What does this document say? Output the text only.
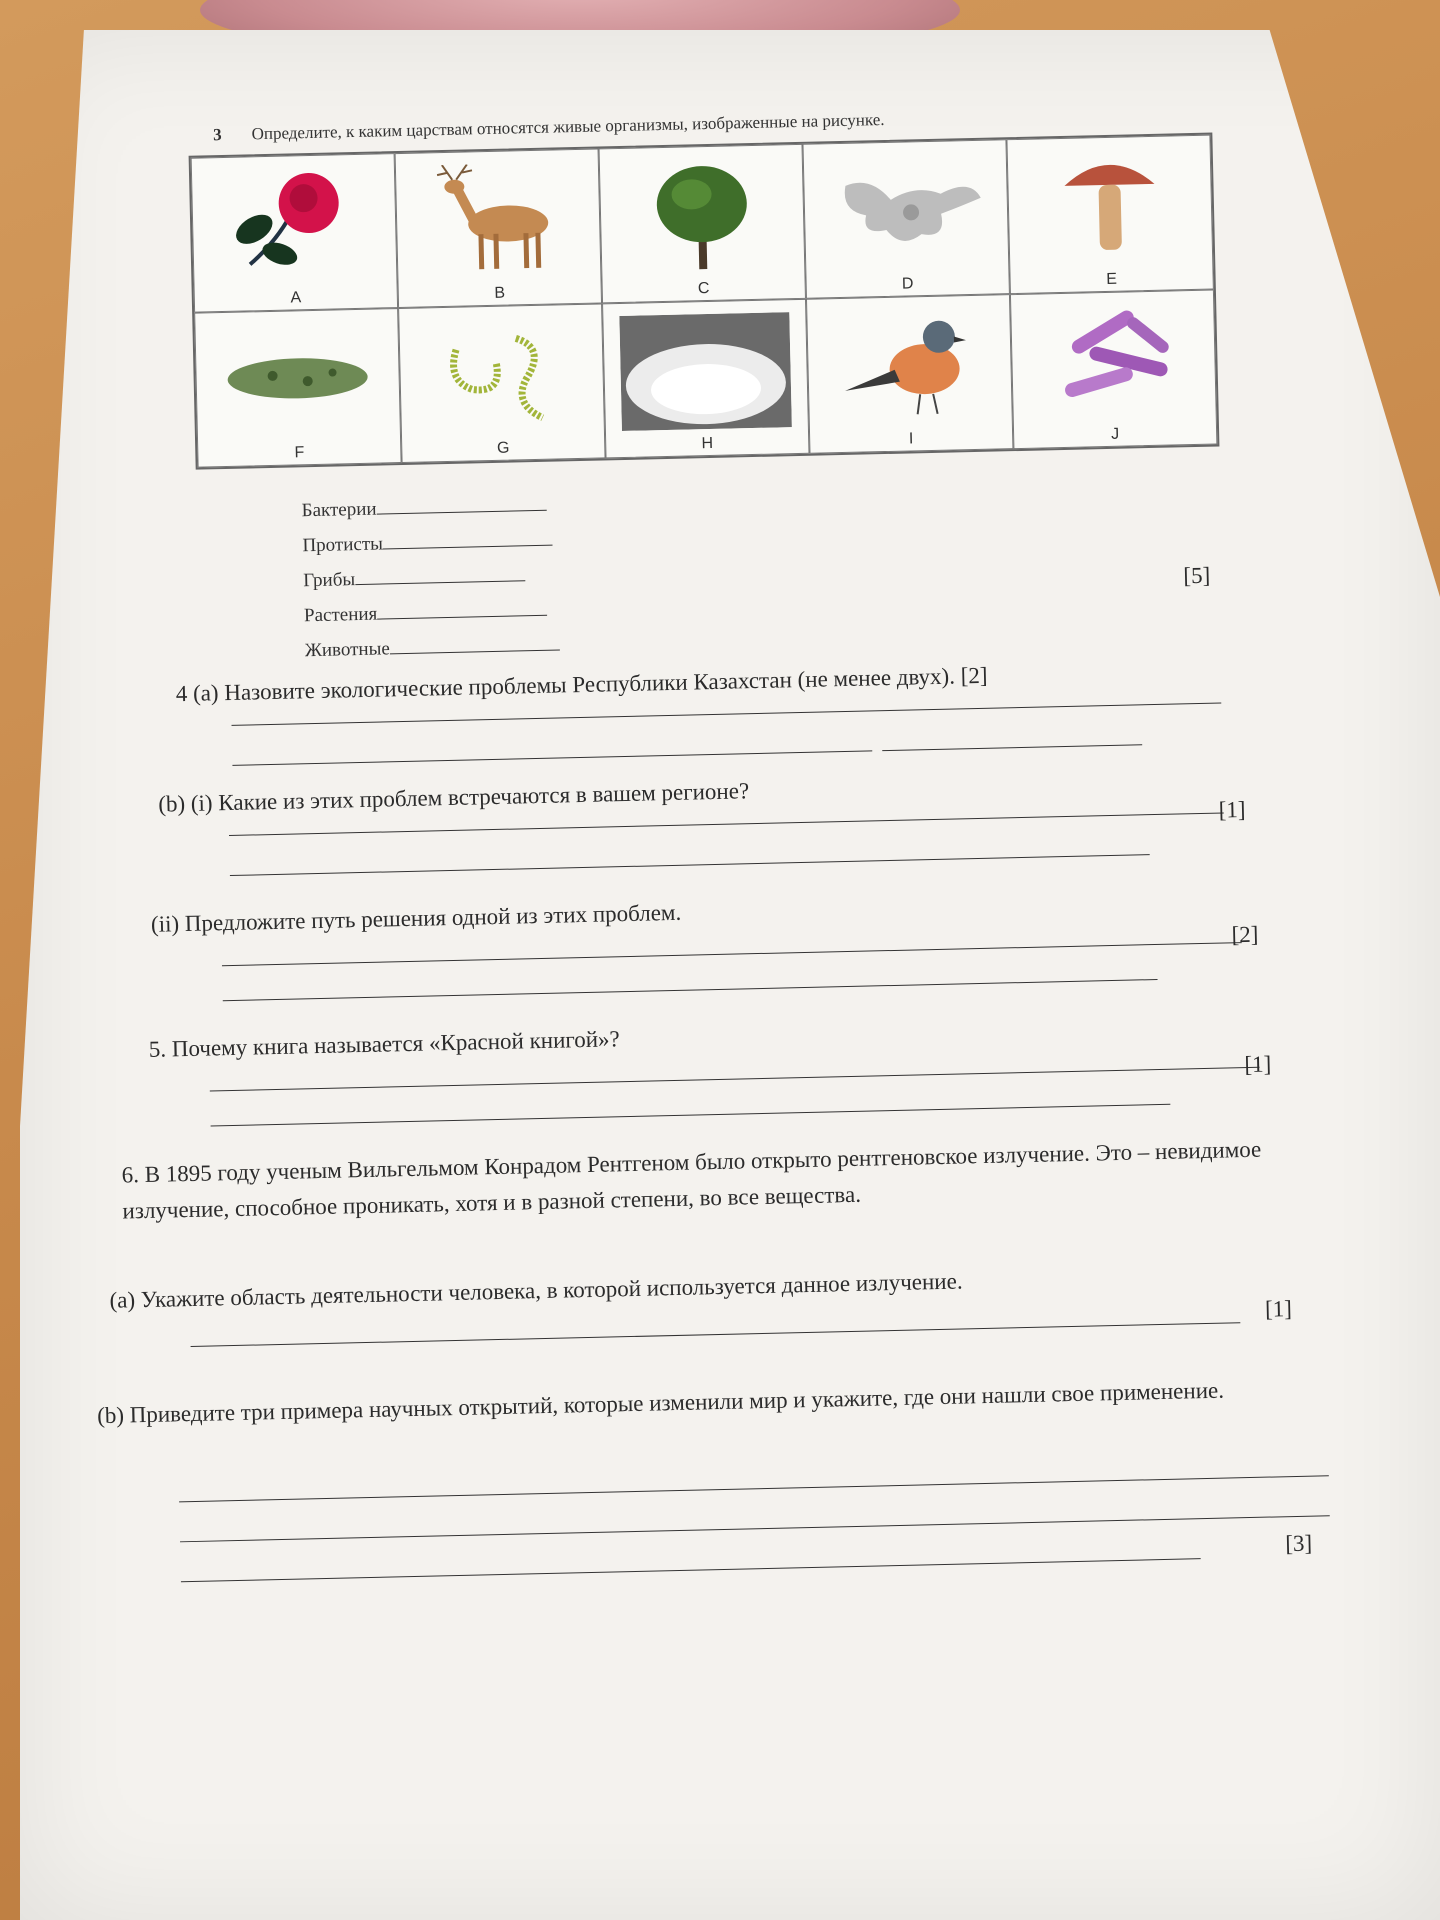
3 Определите, к каким царствам относятся живые организмы, изображенные на рисунке.
A	B	C	D	E
F	G	H	I	J
Бактерии
Протисты
Грибы
Растения
Животные
[5]
4 (a) Назовите экологические проблемы Республики Казахстан (не менее двух). [2]
(b) (i) Какие из этих проблем встречаются в вашем регионе?	[1]
(ii) Предложите путь решения одной из этих проблем.	[2]
5. Почему книга называется «Красной книгой»?
[1]
6. В 1895 году ученым Вильгельмом Конрадом Рентгеном было открыто рентгеновское излучение. Это – невидимое излучение, способное проникать, хотя и в разной степени, во все вещества.
(a) Укажите область деятельности человека, в которой используется данное излучение.	[1]
(b) Приведите три примера научных открытий, которые изменили мир и укажите, где они нашли свое применение.
[3]
